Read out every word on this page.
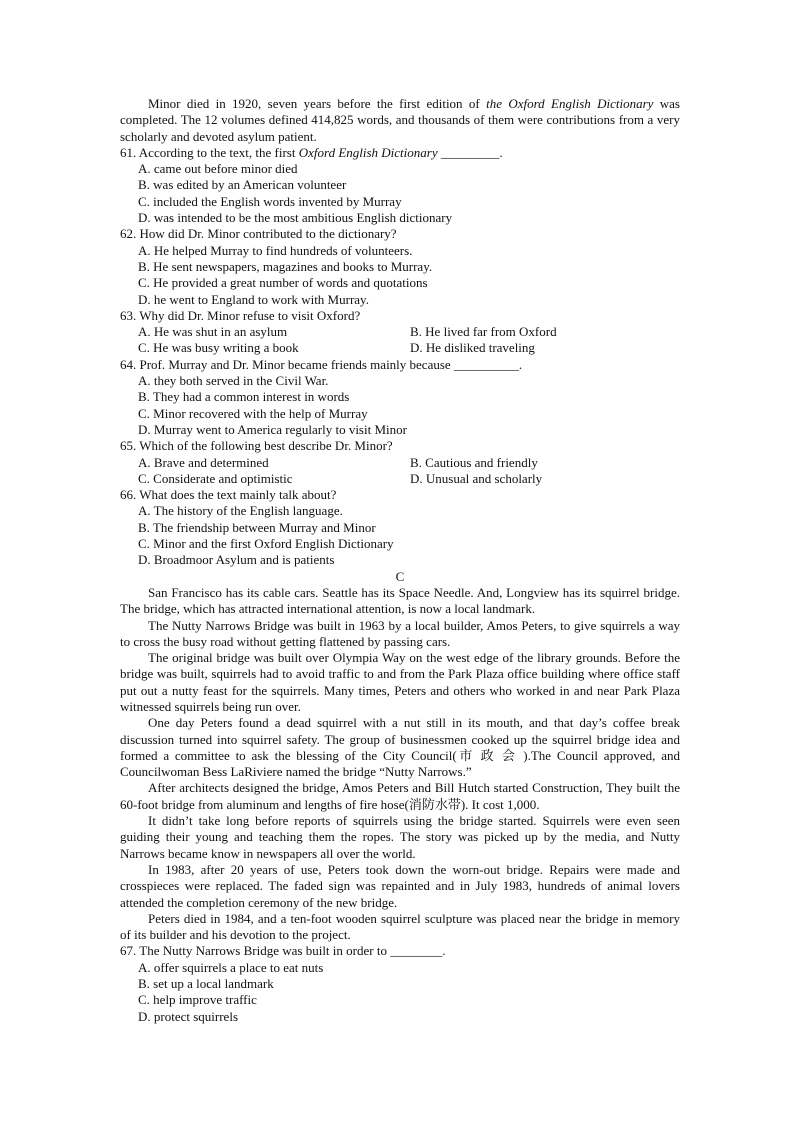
Minor died in 1920, seven years before the first edition of the Oxford English Dictionary was completed. The 12 volumes defined 414,825 words, and thousands of them were contributions from a very scholarly and devoted asylum patient.

61. According to the text, the first Oxford English Dictionary _________.

A. came out before minor died

B. was edited by an American volunteer

C. included the English words invented by Murray

D. was intended to be the most ambitious English dictionary

62. How did Dr. Minor contributed to the dictionary?

A. He helped Murray to find hundreds of volunteers.

B. He sent newspapers, magazines and books to Murray.

C. He provided a great number of words and quotations

D. he went to England to work with Murray.

63. Why did Dr. Minor refuse to visit Oxford?

A. He was shut in an asylum	B. He lived far from Oxford
C. He was busy writing a book	D. He disliked traveling

64. Prof. Murray and Dr. Minor became friends mainly because __________.

A. they both served in the Civil War.

B. They had a common interest in words

C. Minor recovered with the help of Murray

D. Murray went to America regularly to visit Minor

65. Which of the following best describe Dr. Minor?

A. Brave and determined	B. Cautious and friendly
C. Considerate and optimistic	D. Unusual and scholarly

66. What does the text mainly talk about?

A. The history of the English language.

B. The friendship between Murray and Minor

C. Minor and the first Oxford English Dictionary

D. Broadmoor Asylum and is patients

C

San Francisco has its cable cars. Seattle has its Space Needle. And, Longview has its squirrel bridge. The bridge, which has attracted international attention, is now a local landmark.

The Nutty Narrows Bridge was built in 1963 by a local builder, Amos Peters, to give squirrels a way to cross the busy road without getting flattened by passing cars.

The original bridge was built over Olympia Way on the west edge of the library grounds. Before the bridge was built, squirrels had to avoid traffic to and from the Park Plaza office building where office staff put out a nutty feast for the squirrels. Many times, Peters and others who worked in and near Park Plaza witnessed squirrels being run over.

One day Peters found a dead squirrel with a nut still in its mouth, and that day’s coffee break discussion turned into squirrel safety. The group of businessmen cooked up the squirrel bridge idea and formed a committee to ask the blessing of the City Council(市 政 会 ).The Council approved, and Councilwoman Bess LaRiviere named the bridge “Nutty Narrows.”

After architects designed the bridge, Amos Peters and Bill Hutch started Construction, They built the 60-foot bridge from aluminum and lengths of fire hose(消防水带). It cost 1,000.

It didn’t take long before reports of squirrels using the bridge started. Squirrels were even seen guiding their young and teaching them the ropes. The story was picked up by the media, and Nutty Narrows became know in newspapers all over the world.

In 1983, after 20 years of use, Peters took down the worn-out bridge. Repairs were made and crosspieces were replaced. The faded sign was repainted and in July 1983, hundreds of animal lovers attended the completion ceremony of the new bridge.

Peters died in 1984, and a ten-foot wooden squirrel sculpture was placed near the bridge in memory of its builder and his devotion to the project.

67. The Nutty Narrows Bridge was built in order to ________.

A. offer squirrels a place to eat nuts

B. set up a local landmark

C. help improve traffic

D. protect squirrels
